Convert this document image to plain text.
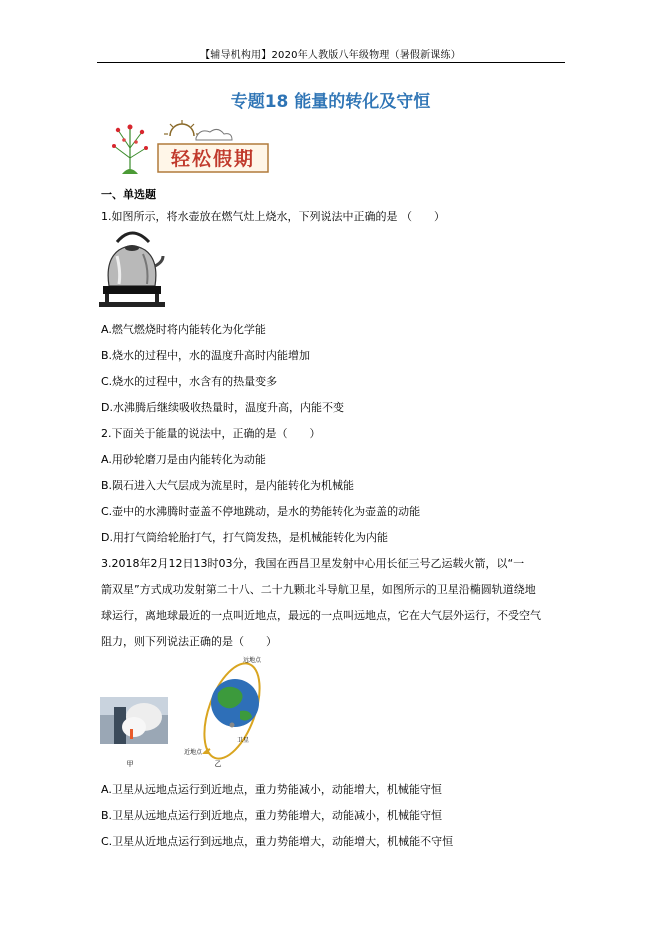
【辅导机构用】2020年人教版八年级物理（暑假新课练）
专题18 能量的转化及守恒
轻松假期
一、单选题
1.如图所示，将水壶放在燃气灶上烧水，下列说法中正确的是 （　　）
A.燃气燃烧时将内能转化为化学能
B.烧水的过程中，水的温度升高时内能增加
C.烧水的过程中，水含有的热量变多
D.水沸腾后继续吸收热量时，温度升高，内能不变
2.下面关于能量的说法中，正确的是（　　）
A.用砂轮磨刀是由内能转化为动能
B.陨石进入大气层成为流星时，是内能转化为机械能
C.壶中的水沸腾时壶盖不停地跳动，是水的势能转化为壶盖的动能
D.用打气筒给轮胎打气，打气筒发热，是机械能转化为内能
3.2018年2月12日13时03分，我国在西昌卫星发射中心用长征三号乙运载火箭，以“一
箭双星”方式成功发射第二十八、二十九颗北斗导航卫星，如图所示的卫星沿椭圆轨道绕地
球运行，离地球最近的一点叫近地点，最远的一点叫远地点，它在大气层外运行，不受空气
阻力，则下列说法正确的是（　　）
甲
远地点
近地点
卫星
乙
A.卫星从远地点运行到近地点，重力势能减小，动能增大，机械能守恒
B.卫星从远地点运行到近地点，重力势能增大，动能减小，机械能守恒
C.卫星从近地点运行到远地点，重力势能增大，动能增大，机械能不守恒
